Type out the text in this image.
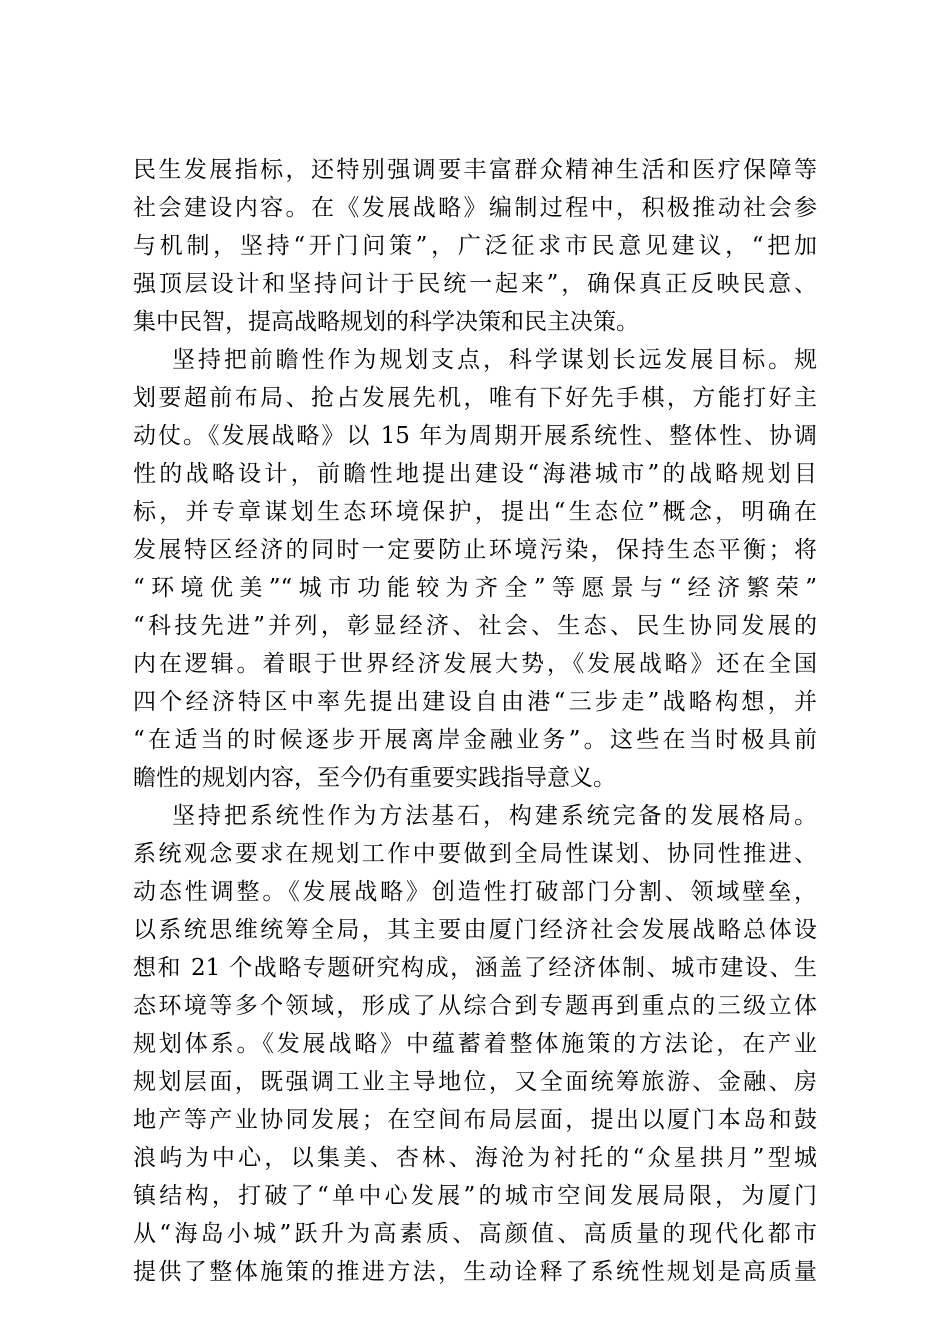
民生发展指标，还特别强调要丰富群众精神生活和医疗保障等
社会建设内容。在《发展战略》编制过程中，积极推动社会参
与机制，坚持“开门问策”，广泛征求市民意见建议，“把加
强顶层设计和坚持问计于民统一起来”，确保真正反映民意、
集中民智，提高战略规划的科学决策和民主决策。
坚持把前瞻性作为规划支点，科学谋划长远发展目标。规
划要超前布局、抢占发展先机，唯有下好先手棋，方能打好主
动仗。《发展战略》以 15 年为周期开展系统性、整体性、协调
性的战略设计，前瞻性地提出建设“海港城市”的战略规划目
标，并专章谋划生态环境保护，提出“生态位”概念，明确在
发展特区经济的同时一定要防止环境污染，保持生态平衡；将
“环境优美”“城市功能较为齐全”等愿景与“经济繁荣”
“科技先进”并列，彰显经济、社会、生态、民生协同发展的
内在逻辑。着眼于世界经济发展大势，《发展战略》还在全国
四个经济特区中率先提出建设自由港“三步走”战略构想，并
“在适当的时候逐步开展离岸金融业务”。这些在当时极具前
瞻性的规划内容，至今仍有重要实践指导意义。
坚持把系统性作为方法基石，构建系统完备的发展格局。
系统观念要求在规划工作中要做到全局性谋划、协同性推进、
动态性调整。《发展战略》创造性打破部门分割、领域壁垒，
以系统思维统筹全局，其主要由厦门经济社会发展战略总体设
想和 21 个战略专题研究构成，涵盖了经济体制、城市建设、生
态环境等多个领域，形成了从综合到专题再到重点的三级立体
规划体系。《发展战略》中蕴蓄着整体施策的方法论，在产业
规划层面，既强调工业主导地位，又全面统筹旅游、金融、房
地产等产业协同发展；在空间布局层面，提出以厦门本岛和鼓
浪屿为中心，以集美、杏林、海沧为衬托的“众星拱月”型城
镇结构，打破了“单中心发展”的城市空间发展局限，为厦门
从“海岛小城”跃升为高素质、高颜值、高质量的现代化都市
提供了整体施策的推进方法，生动诠释了系统性规划是高质量
